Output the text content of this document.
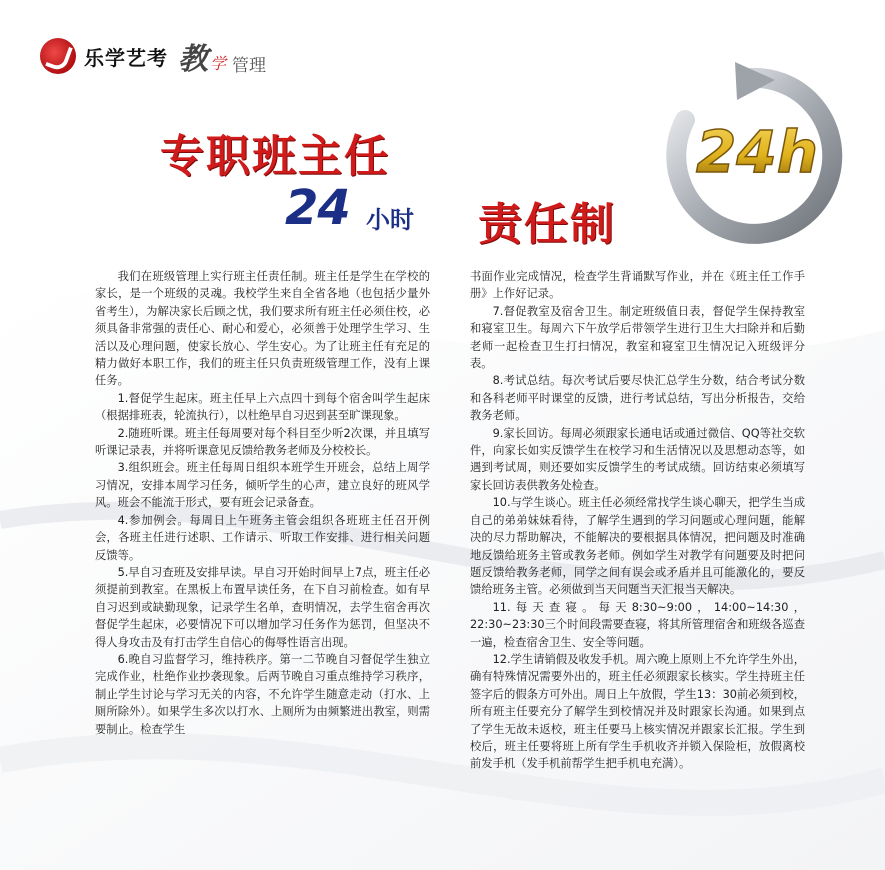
乐学艺考 教 学 管理
专职班主任
24 小时 责任制
24h

我们在班级管理上实行班主任责任制。班主任是学生在学校的家长，是一个班级的灵魂。我校学生来自全省各地（也包括少量外省考生），为解决家长后顾之忧，我们要求所有班主任必须住校，必须具备非常强的责任心、耐心和爱心，必须善于处理学生学习、生活以及心理问题，使家长放心、学生安心。为了让班主任有充足的精力做好本职工作，我们的班主任只负责班级管理工作，没有上课任务。

1.督促学生起床。班主任早上六点四十到每个宿舍叫学生起床（根据排班表，轮流执行），以杜绝早自习迟到甚至旷课现象。

2.随班听课。班主任每周要对每个科目至少听2次课，并且填写听课记录表，并将听课意见反馈给教务老师及分校校长。

3.组织班会。班主任每周日组织本班学生开班会，总结上周学习情况，安排本周学习任务，倾听学生的心声，建立良好的班风学风。班会不能流于形式，要有班会记录备查。

4.参加例会。每周日上午班务主管会组织各班班主任召开例会，各班主任进行述职、工作请示、听取工作安排、进行相关问题反馈等。

5.早自习查班及安排早读。早自习开始时间早上7点，班主任必须提前到教室。在黑板上布置早读任务，在下自习前检查。如有早自习迟到或缺勤现象，记录学生名单，查明情况，去学生宿舍再次督促学生起床，必要情况下可以增加学习任务作为惩罚，但坚决不得人身攻击及有打击学生自信心的侮辱性语言出现。

6.晚自习监督学习，维持秩序。第一二节晚自习督促学生独立完成作业，杜绝作业抄袭现象。后两节晚自习重点维持学习秩序，制止学生讨论与学习无关的内容，不允许学生随意走动（打水、上厕所除外）。如果学生多次以打水、上厕所为由频繁进出教室，则需要制止。检查学生

书面作业完成情况，检查学生背诵默写作业，并在《班主任工作手册》上作好记录。

7.督促教室及宿舍卫生。制定班级值日表，督促学生保持教室和寝室卫生。每周六下午放学后带领学生进行卫生大扫除并和后勤老师一起检查卫生打扫情况，教室和寝室卫生情况记入班级评分表。

8.考试总结。每次考试后要尽快汇总学生分数，结合考试分数和各科老师平时课堂的反馈，进行考试总结，写出分析报告，交给教务老师。

9.家长回访。每周必须跟家长通电话或通过微信、QQ等社交软件，向家长如实反馈学生在校学习和生活情况以及思想动态等，如遇到考试周，则还要如实反馈学生的考试成绩。回访结束必须填写家长回访表供教务处检查。

10.与学生谈心。班主任必须经常找学生谈心聊天，把学生当成自己的弟弟妹妹看待，了解学生遇到的学习问题或心理问题，能解决的尽力帮助解决，不能解决的要根据具体情况，把问题及时准确地反馈给班务主管或教务老师。例如学生对教学有问题要及时把问题反馈给教务老师，同学之间有误会或矛盾并且可能激化的，要反馈给班务主管。必须做到当天问题当天汇报当天解决。

11.每天查寝。每天8:30~9:00，14:00~14:30，22:30~23:30三个时间段需要查寝，将其所管理宿舍和班级各巡查一遍，检查宿舍卫生、安全等问题。

12.学生请销假及收发手机。周六晚上原则上不允许学生外出，确有特殊情况需要外出的，班主任必须跟家长核实。学生持班主任签字后的假条方可外出。周日上午放假，学生13：30前必须到校，所有班主任要充分了解学生到校情况并及时跟家长沟通。如果到点了学生无故未返校，班主任要马上核实情况并跟家长汇报。学生到校后，班主任要将班上所有学生手机收齐并锁入保险柜，放假离校前发手机（发手机前帮学生把手机电充满）。
